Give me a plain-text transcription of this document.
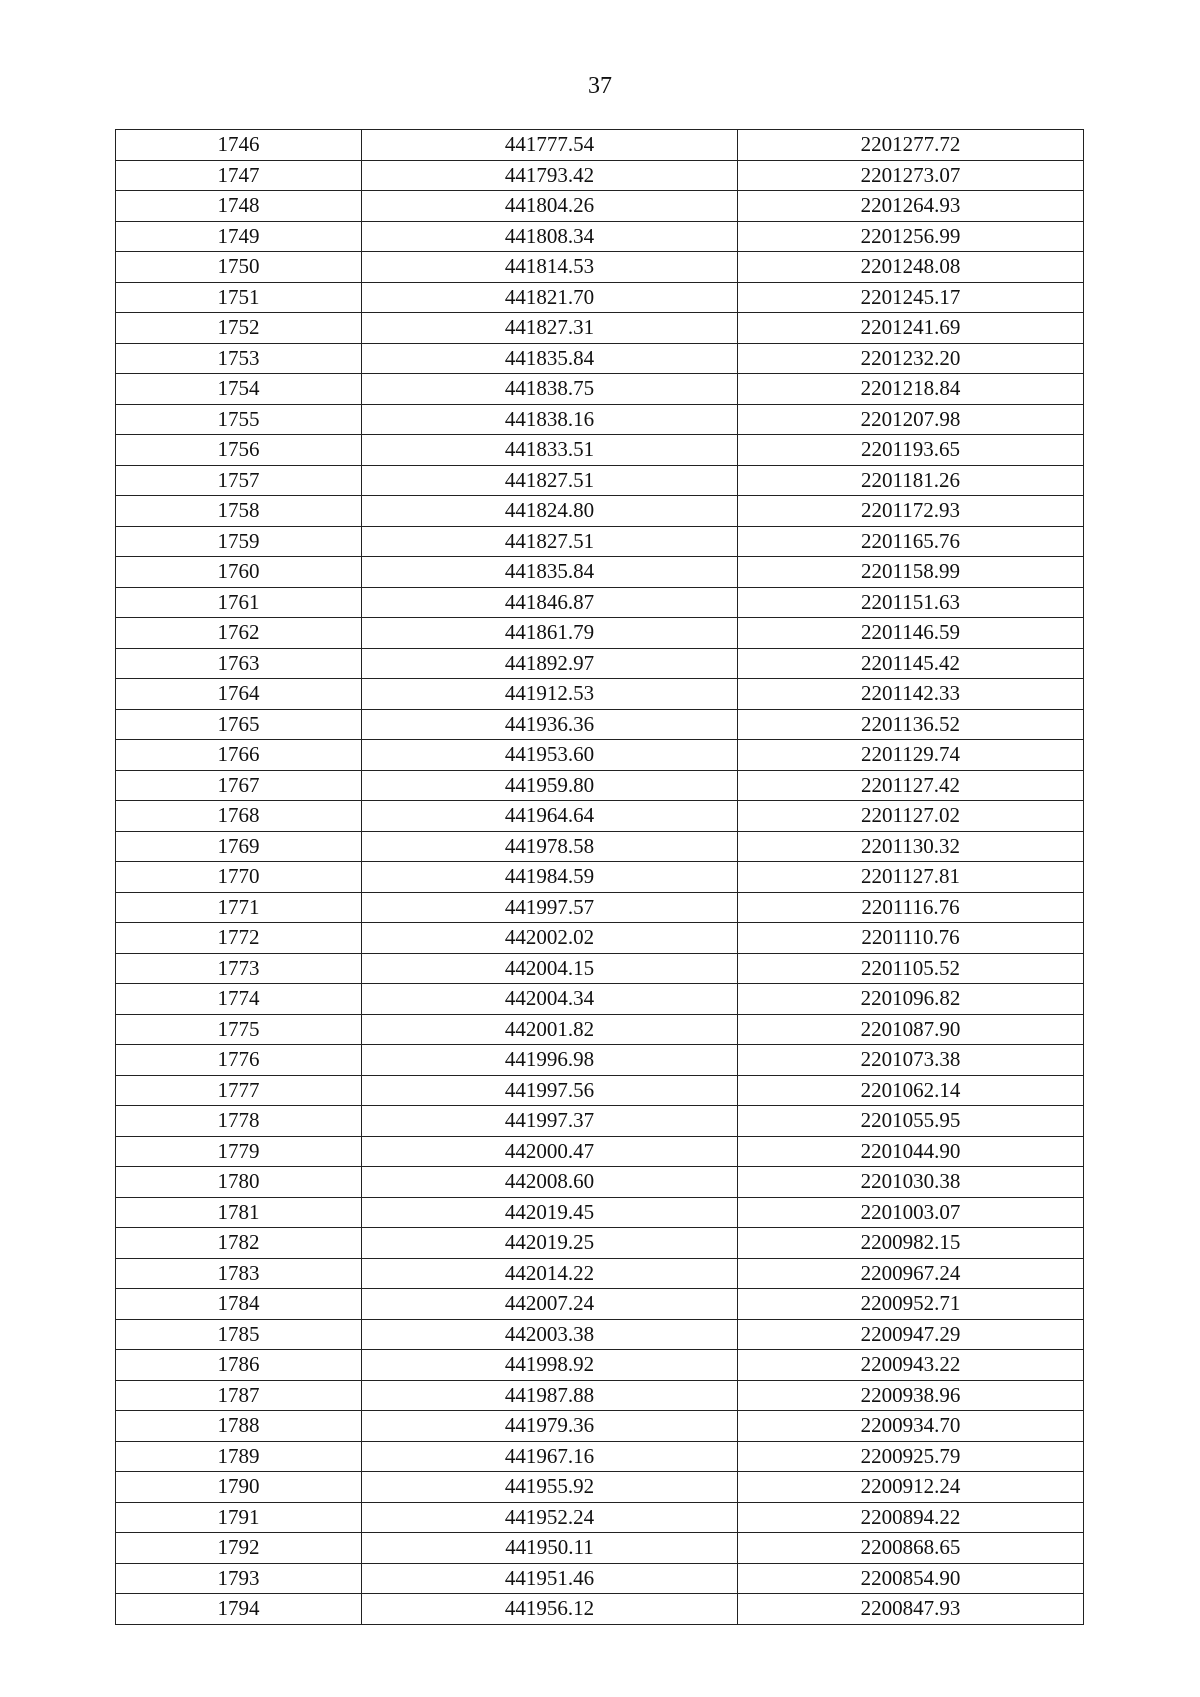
37
1746	441777.54	2201277.72
1747	441793.42	2201273.07
1748	441804.26	2201264.93
1749	441808.34	2201256.99
1750	441814.53	2201248.08
1751	441821.70	2201245.17
1752	441827.31	2201241.69
1753	441835.84	2201232.20
1754	441838.75	2201218.84
1755	441838.16	2201207.98
1756	441833.51	2201193.65
1757	441827.51	2201181.26
1758	441824.80	2201172.93
1759	441827.51	2201165.76
1760	441835.84	2201158.99
1761	441846.87	2201151.63
1762	441861.79	2201146.59
1763	441892.97	2201145.42
1764	441912.53	2201142.33
1765	441936.36	2201136.52
1766	441953.60	2201129.74
1767	441959.80	2201127.42
1768	441964.64	2201127.02
1769	441978.58	2201130.32
1770	441984.59	2201127.81
1771	441997.57	2201116.76
1772	442002.02	2201110.76
1773	442004.15	2201105.52
1774	442004.34	2201096.82
1775	442001.82	2201087.90
1776	441996.98	2201073.38
1777	441997.56	2201062.14
1778	441997.37	2201055.95
1779	442000.47	2201044.90
1780	442008.60	2201030.38
1781	442019.45	2201003.07
1782	442019.25	2200982.15
1783	442014.22	2200967.24
1784	442007.24	2200952.71
1785	442003.38	2200947.29
1786	441998.92	2200943.22
1787	441987.88	2200938.96
1788	441979.36	2200934.70
1789	441967.16	2200925.79
1790	441955.92	2200912.24
1791	441952.24	2200894.22
1792	441950.11	2200868.65
1793	441951.46	2200854.90
1794	441956.12	2200847.93
